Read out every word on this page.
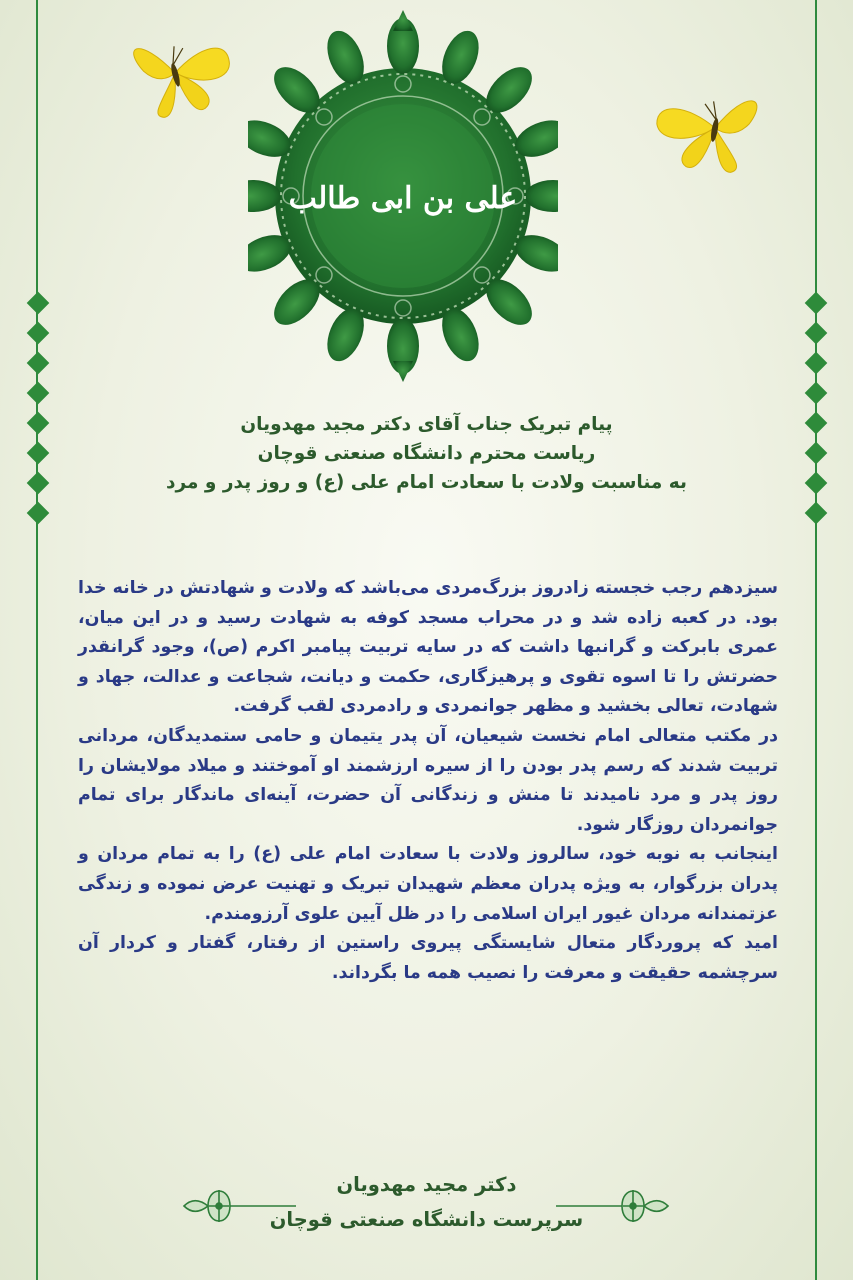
علی بن ابی طالب
پیام تبریک جناب آقای دکتر مجید مهدویان
ریاست محترم دانشگاه صنعتی قوچان
به مناسبت ولادت با سعادت امام علی (ع) و روز پدر و مرد

سیزدهم رجب خجسته زادروز بزرگ‌مردی می‌باشد که ولادت و شهادتش در خانه خدا بود. در کعبه زاده شد و در محراب مسجد کوفه به شهادت رسید و در این میان، عمری بابرکت و گرانبها داشت که در سایه تربیت پیامبر اکرم (ص)، وجود گرانقدر حضرتش را تا اسوه تقوی و پرهیزگاری، حکمت و دیانت، شجاعت و عدالت، جهاد و شهادت، تعالی بخشید و مظهر جوانمردی و رادمردی لقب گرفت.

در مکتب متعالی امام نخست شیعیان، آن پدر یتیمان و حامی ستمدیدگان، مردانی تربیت شدند که رسم پدر بودن را از سیره ارزشمند او آموختند و میلاد مولایشان را روز پدر و مرد نامیدند تا منش و زندگانی آن حضرت، آینه‌ای ماندگار برای تمام جوانمردان روزگار شود.

اینجانب به نوبه خود، سالروز ولادت با سعادت امام علی (ع) را به تمام مردان و پدران بزرگوار، به ویژه پدران معظم شهیدان تبریک و تهنیت عرض نموده و زندگی عزتمندانه مردان غیور ایران اسلامی را در ظل آیین علوی آرزومندم.

امید که پروردگار متعال شایستگی پیروی راستین از رفتار، گفتار و کردار آن سرچشمه حقیقت و معرفت را نصیب همه ما بگرداند.

دکتر مجید مهدویان
سرپرست دانشگاه صنعتی قوچان
